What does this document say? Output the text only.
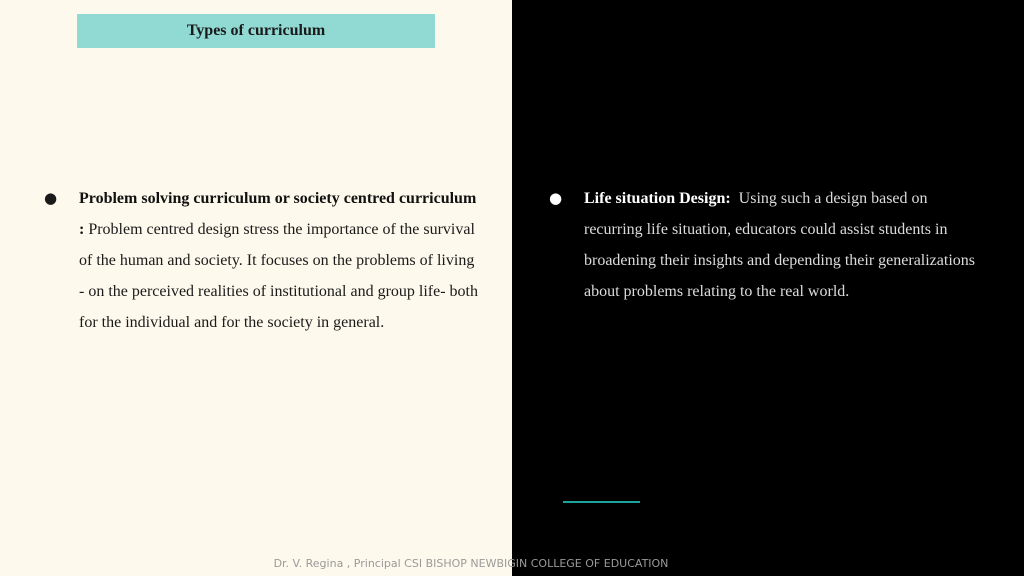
Types of curriculum
● Problem solving curriculum or society centred curriculum : Problem centred design stress the importance of the survival of the human and society. It focuses on the problems of living - on the perceived realities of institutional and group life- both for the individual and for the society in general.
● Life situation Design:  Using such a design based on recurring life situation, educators could assist students in broadening their insights and depending their generalizations about problems relating to the real world.
Dr. V. Regina , Principal CSI BISHOP NEWBIGIN COLLEGE OF EDUCATION
